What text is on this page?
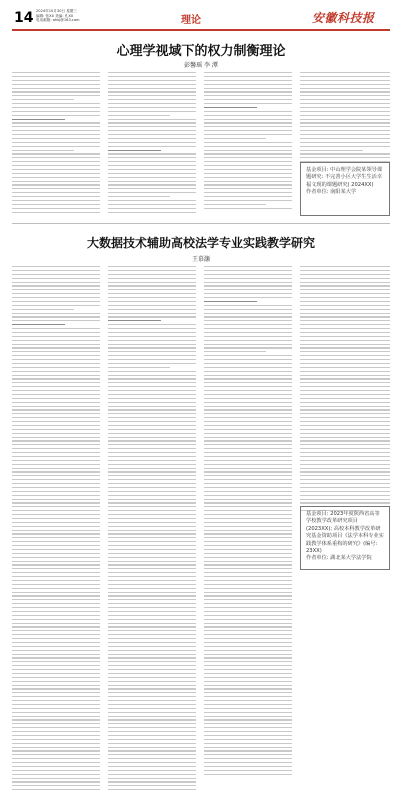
14 2024年10月30日 星期三
编辑: 张XX 美编: 孔XX
电话邮箱: ahkj@163.com	理论	安徽科技报
心理学视域下的权力制衡理论
彭馨瑶 李 潭
基金项目: 中山理学会院某领导课题研究: 不完善小区大学生生活幸福文现的课题研究( 2024XX)
作者单位: 南阳某大学
大数据技术辅助高校法学专业实践教学研究
王慕灏
基金项目: 2023年度陕西省高等学校教学改革研究项目 (2023XX); 高校本科教学改革研究基金资助项目《法学本科专业实践教学体系重构的研究》(编号: 23XX)
作者单位: 湖北某大学法学院
